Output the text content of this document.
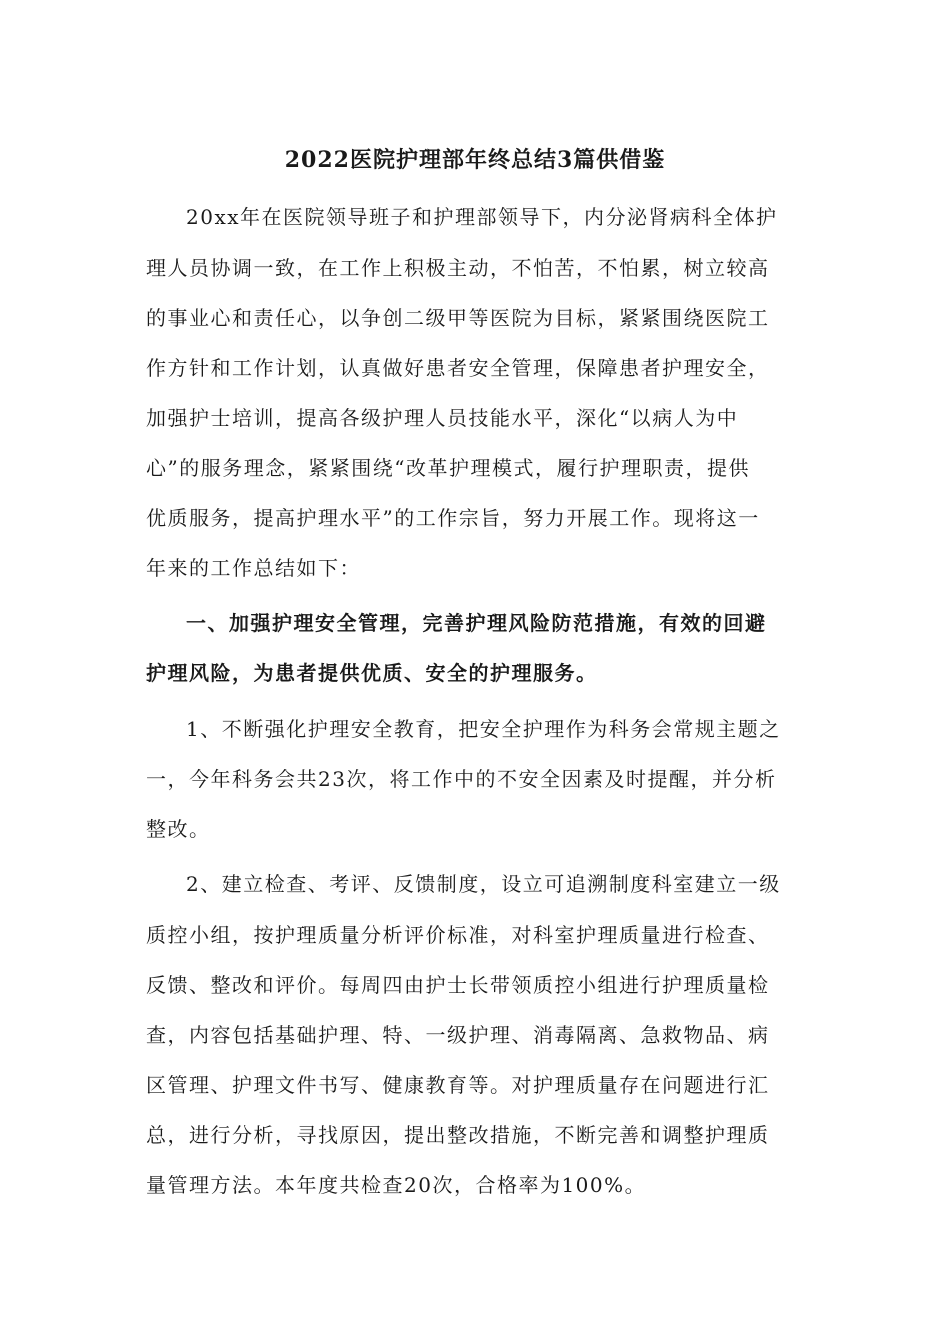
2022医院护理部年终总结3篇供借鉴
20xx年在医院领导班子和护理部领导下，内分泌肾病科全体护
理人员协调一致，在工作上积极主动，不怕苦，不怕累，树立较高
的事业心和责任心，以争创二级甲等医院为目标，紧紧围绕医院工
作方针和工作计划，认真做好患者安全管理，保障患者护理安全，
加强护士培训，提高各级护理人员技能水平，深化“以病人为中
心”的服务理念，紧紧围绕“改革护理模式，履行护理职责，提供
优质服务，提高护理水平”的工作宗旨，努力开展工作。现将这一
年来的工作总结如下：
一、加强护理安全管理，完善护理风险防范措施，有效的回避
护理风险，为患者提供优质、安全的护理服务。
1、不断强化护理安全教育，把安全护理作为科务会常规主题之
一，今年科务会共23次，将工作中的不安全因素及时提醒，并分析
整改。
2、建立检查、考评、反馈制度，设立可追溯制度科室建立一级
质控小组，按护理质量分析评价标准，对科室护理质量进行检查、
反馈、整改和评价。每周四由护士长带领质控小组进行护理质量检
查，内容包括基础护理、特、一级护理、消毒隔离、急救物品、病
区管理、护理文件书写、健康教育等。对护理质量存在问题进行汇
总，进行分析，寻找原因，提出整改措施，不断完善和调整护理质
量管理方法。本年度共检查20次，合格率为100%。
